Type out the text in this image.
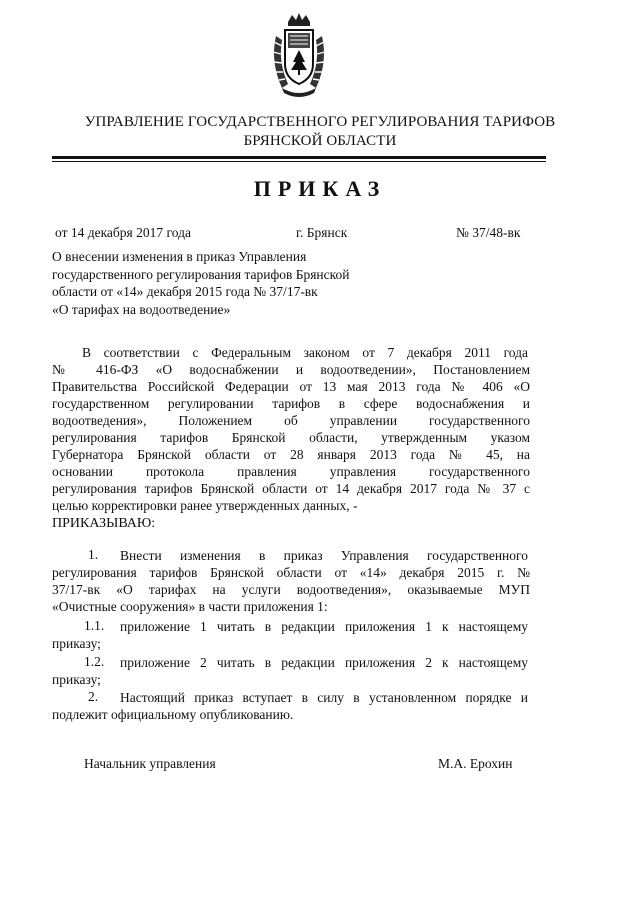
УПРАВЛЕНИЕ ГОСУДАРСТВЕННОГО РЕГУЛИРОВАНИЯ ТАРИФОВ
БРЯНСКОЙ ОБЛАСТИ
ПРИКАЗ
от 14 декабря 2017 года	г. Брянск	№ 37/48-вк
О внесении изменения в приказ Управления
государственного регулирования тарифов Брянской
области от «14» декабря 2015 года № 37/17-вк
«О тарифах на водоотведение»
В соответствии с Федеральным законом от 7 декабря 2011 года
№ 416-ФЗ «О водоснабжении и водоотведении», Постановлением
Правительства Российской Федерации от 13 мая 2013 года № 406 «О
государственном регулировании тарифов в сфере водоснабжения и
водоотведения», Положением об управлении государственного
регулирования тарифов Брянской области, утвержденным указом
Губернатора Брянской области от 28 января 2013 года № 45, на
основании протокола правления управления государственного
регулирования тарифов Брянской области от 14 декабря 2017 года № 37 с
целью корректировки ранее утвержденных данных, -
ПРИКАЗЫВАЮ:
1. Внести изменения в приказ Управления государственного
регулирования тарифов Брянской области от «14» декабря 2015 г. №
37/17-вк «О тарифах на услуги водоотведения», оказываемые МУП
«Очистные сооружения» в части приложения 1:
1.1. приложение 1 читать в редакции приложения 1 к настоящему
приказу;
1.2. приложение 2 читать в редакции приложения 2 к настоящему
приказу;
2. Настоящий приказ вступает в силу в установленном порядке и
подлежит официальному опубликованию.
Начальник управления	М.А. Ерохин
